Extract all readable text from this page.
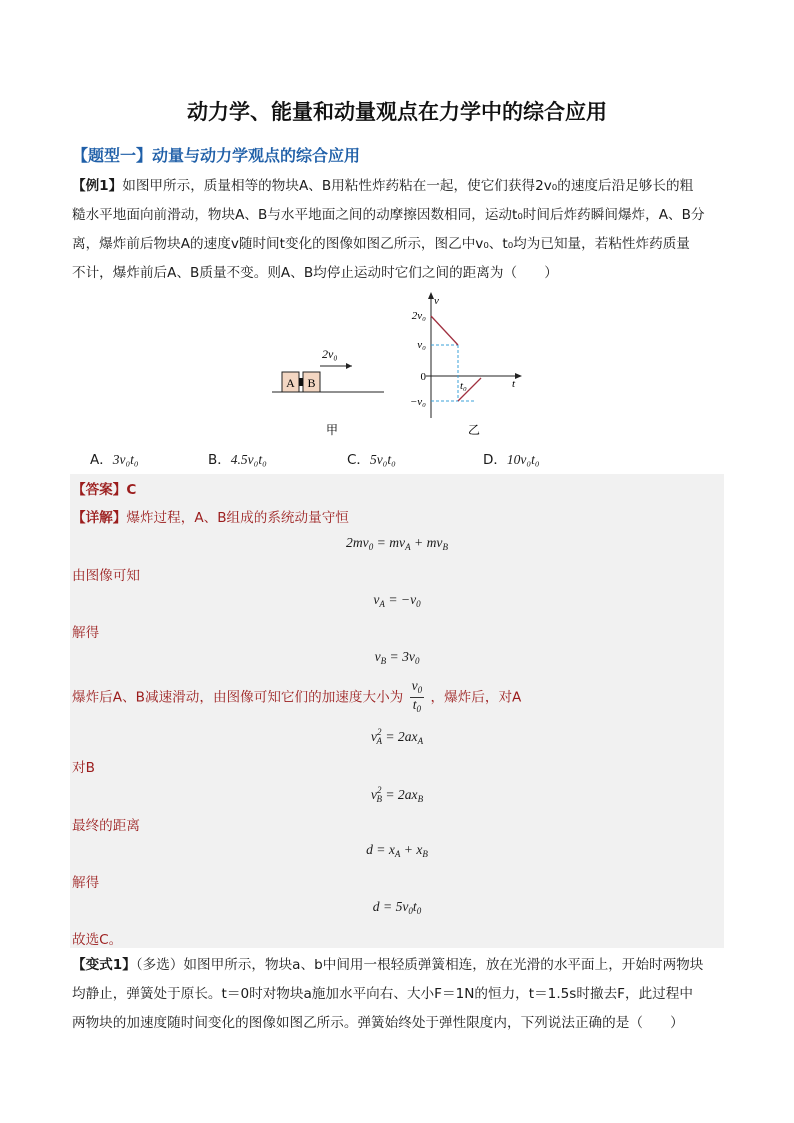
动力学、能量和动量观点在力学中的综合应用
【题型一】动量与动力学观点的综合应用
【例1】如图甲所示，质量相等的物块A、B用粘性炸药粘在一起，使它们获得2v₀的速度后沿足够长的粗
糙水平地面向前滑动，物块A、B与水平地面之间的动摩擦因数相同，运动t₀时间后炸药瞬间爆炸，A、B分
离，爆炸前后物块A的速度v随时间t变化的图像如图乙所示，图乙中v₀、t₀均为已知量，若粘性炸药质量
不计，爆炸前后A、B质量不变。则A、B均停止运动时它们之间的距离为（　　）
A B
2v₀
甲
v
t
2v₀
v₀
0
−v₀
t₀
乙
A．3v₀t₀	B．4.5v₀t₀	C．5v₀t₀	D．10v₀t₀
【答案】C
【详解】爆炸过程，A、B组成的系统动量守恒
$2mv_0 = mv_A + mv_B$
由图像可知
$v_A = -v_0$
解得
$v_B = 3v_0$
爆炸后A、B减速滑动，由图像可知它们的加速度大小为 $\frac{v_0}{t_0}$ ，爆炸后，对A
$v^2_A = 2ax_A$
对B
$v^2_B = 2ax_B$
最终的距离
$d = x_A + x_B$
解得
$d = 5v_0t_0$
故选C。
【变式1】（多选）如图甲所示，物块a、b中间用一根轻质弹簧相连，放在光滑的水平面上，开始时两物块
均静止，弹簧处于原长。t＝0时对物块a施加水平向右、大小F＝1N的恒力，t＝1.5s时撤去F，此过程中
两物块的加速度随时间变化的图像如图乙所示。弹簧始终处于弹性限度内，下列说法正确的是（　　）
